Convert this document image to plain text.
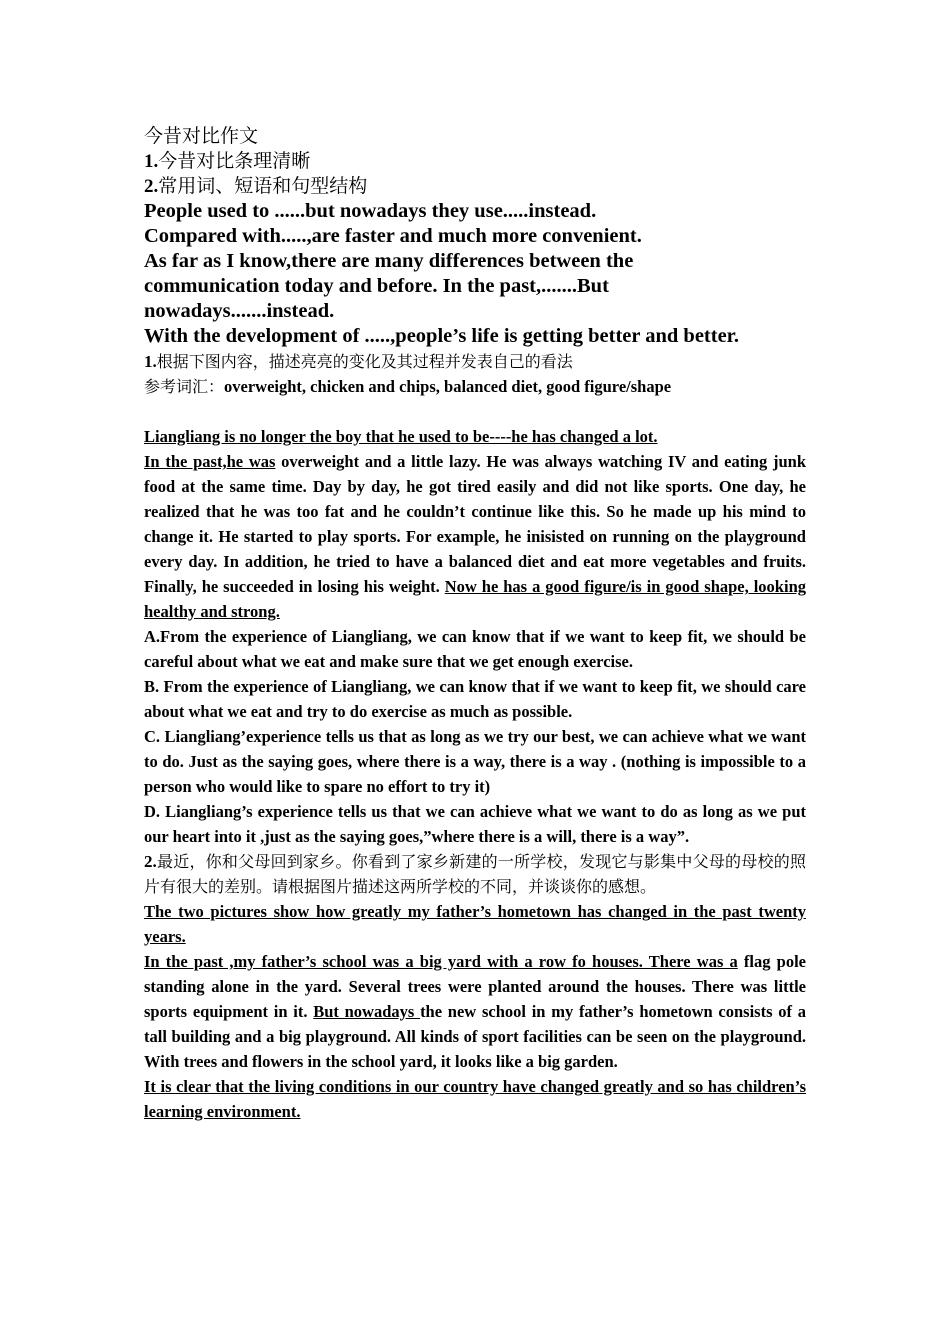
今昔对比作文

1.今昔对比条理清晰

2.常用词、短语和句型结构

People used to ......but nowadays they use.....instead.

Compared with.....,are faster and much more convenient.

As far as I know,there are many differences between the communication today and before. In the past,.......But nowadays.......instead.

With the development of .....,people’s life is getting better and better.

1.根据下图内容，描述亮亮的变化及其过程并发表自己的看法

参考词汇：overweight, chicken and chips, balanced diet, good figure/shape

Liangliang is no longer the boy that he used to be----he has changed a lot.

In the past,he was overweight and a little lazy. He was always watching IV and eating junk food at the same time. Day by day, he got tired easily and did not like sports. One day, he realized that he was too fat and he couldn’t continue like this. So he made up his mind to change it. He started to play sports. For example, he inisisted on running on the playground every day. In addition, he tried to have a balanced diet and eat more vegetables and fruits. Finally, he succeeded in losing his weight. Now he has a good figure/is in good shape, looking healthy and strong.

A.From the experience of Liangliang, we can know that if we want to keep fit, we should be careful about what we eat and make sure that we get enough exercise.

B. From the experience of Liangliang, we can know that if we want to keep fit, we should care about what we eat and try to do exercise as much as possible.

C. Liangliang’experience tells us that as long as we try our best, we can achieve what we want to do. Just as the saying goes, where there is a way, there is a way . (nothing is impossible to a person who would like to spare no effort to try it)

D. Liangliang’s experience tells us that we can achieve what we want to do as long as we put our heart into it ,just as the saying goes,”where there is a will, there is a way”.

2.最近，你和父母回到家乡。你看到了家乡新建的一所学校，发现它与影集中父母的母校的照片有很大的差别。请根据图片描述这两所学校的不同，并谈谈你的感想。

The two pictures show how greatly my father’s hometown has changed in the past twenty years.

In the past ,my father’s school was a big yard with a row fo houses. There was a flag pole standing alone in the yard. Several trees were planted around the houses. There was little sports equipment in it. But nowadays the new school in my father’s hometown consists of a tall building and a big playground. All kinds of sport facilities can be seen on the playground. With trees and flowers in the school yard, it looks like a big garden.

It is clear that the living conditions in our country have changed greatly and so has children’s learning environment.
